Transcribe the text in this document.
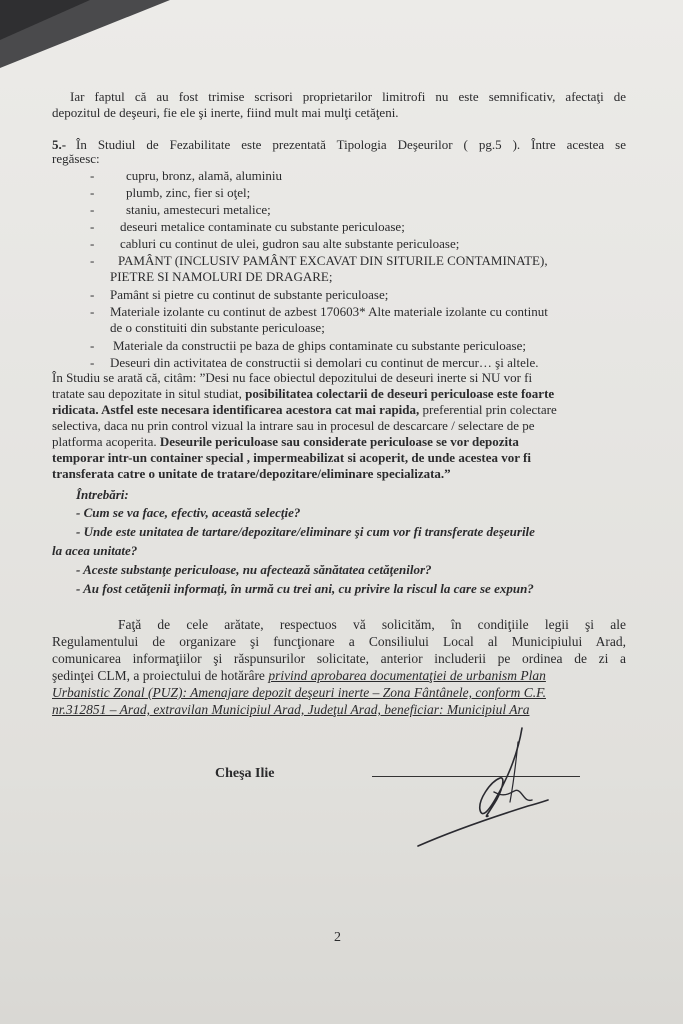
Iar faptul că au fost trimise scrisori proprietarilor limitrofi nu este semnificativ, afectaţi de
depozitul de deşeuri, fie ele şi inerte, fiind mult mai mulţi cetăţeni.
5.- În Studiul de Fezabilitate este prezentată Tipologia Deşeurilor ( pg.5 ). Între acestea se
regăsesc:
- cupru, bronz, alamă, aluminiu
- plumb, zinc, fier si oţel;
- staniu, amestecuri metalice;
- deseuri metalice contaminate cu substante periculoase;
- cabluri cu continut de ulei, gudron sau alte substante periculoase;
- PAMÂNT (INCLUSIV PAMÂNT EXCAVAT DIN SITURILE CONTAMINATE),
PIETRE SI NAMOLURI DE DRAGARE;
- Pamânt si pietre cu continut de substante periculoase;
- Materiale izolante cu continut de azbest 170603* Alte materiale izolante cu continut
de o constituiti din substante periculoase;
- Materiale da constructii pe baza de ghips contaminate cu substante periculoase;
- Deseuri din activitatea de constructii si demolari cu continut de mercur… şi altele.
În Studiu se arată că, citâm: ”Desi nu face obiectul depozitului de deseuri inerte si NU vor fi
tratate sau depozitate in situl studiat, posibilitatea colectarii de deseuri periculoase este foarte
ridicata. Astfel este necesara identificarea acestora cat mai rapida, preferential prin colectare
selectiva, daca nu prin control vizual la intrare sau in procesul de descarcare / selectare de pe
platforma acoperita. Deseurile periculoase sau considerate periculoase se vor depozita
temporar intr-un container special , impermeabilizat si acoperit, de unde acestea vor fi
transferata catre o unitate de tratare/depozitare/eliminare specializata.”
Întrebări:
- Cum se va face, efectiv, această selecţie?
- Unde este unitatea de tartare/depozitare/eliminare şi cum vor fi transferate deşeurile
la acea unitate?
- Aceste substanţe periculoase, nu afectează sănătatea cetăţenilor?
- Au fost cetăţenii informaţi, în urmă cu trei ani, cu privire la riscul la care se expun?
Faţă de cele arătate, respectuos vă solicităm, în condiţiile legii şi ale
Regulamentului de organizare şi funcţionare a Consiliului Local al Municipiului Arad,
comunicarea informaţiilor şi răspunsurilor solicitate, anterior includerii pe ordinea de zi a
şedinţei CLM, a proiectului de hotărâre privind aprobarea documentaţiei de urbanism Plan
Urbanistic Zonal (PUZ): Amenajare depozit deşeuri inerte – Zona Fântânele, conform C.F.
nr.312851 – Arad, extravilan Municipiul Arad, Judeţul Arad, beneficiar: Municipiul Ara
Cheşa Ilie
2
